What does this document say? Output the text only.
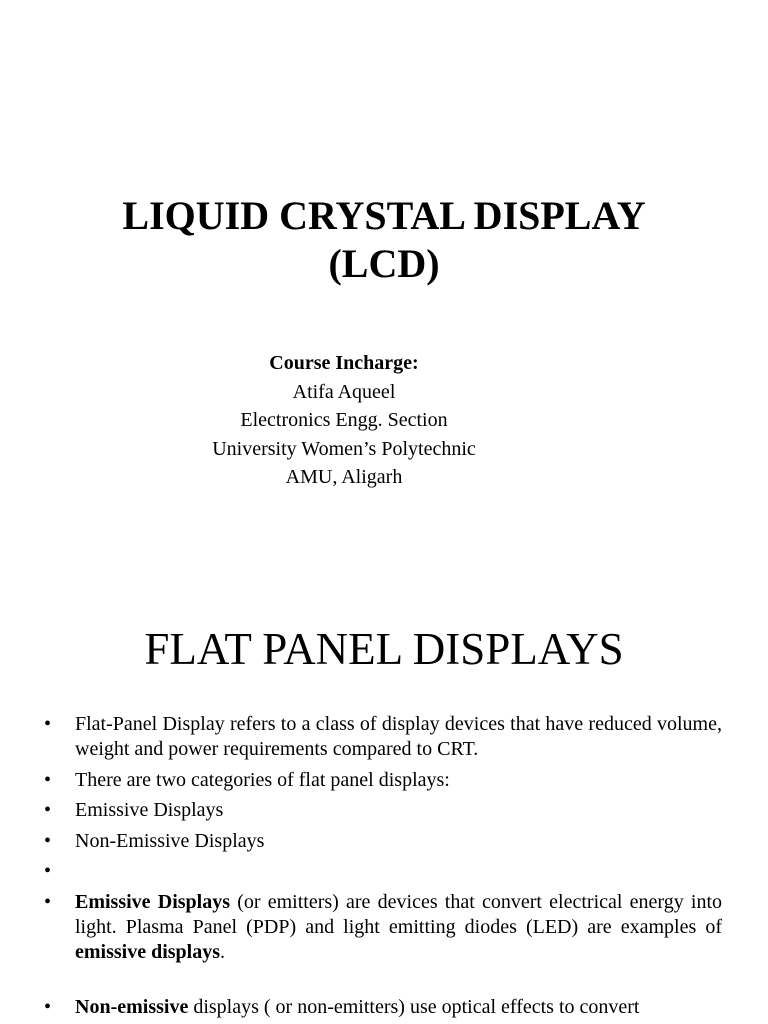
LIQUID CRYSTAL DISPLAY
(LCD)
Course Incharge:
Atifa Aqueel
Electronics Engg. Section
University Women’s Polytechnic
AMU, Aligarh
FLAT PANEL DISPLAYS
• Flat-Panel Display refers to a class of display devices that have reduced volume, weight and power requirements compared to CRT.
• There are two categories of flat panel displays:
• Emissive Displays
• Non-Emissive Displays
•
• Emissive Displays (or emitters) are devices that convert electrical energy into light. Plasma Panel (PDP) and light emitting diodes (LED) are examples of emissive displays.
• Non-emissive displays ( or non-emitters) use optical effects to convert
